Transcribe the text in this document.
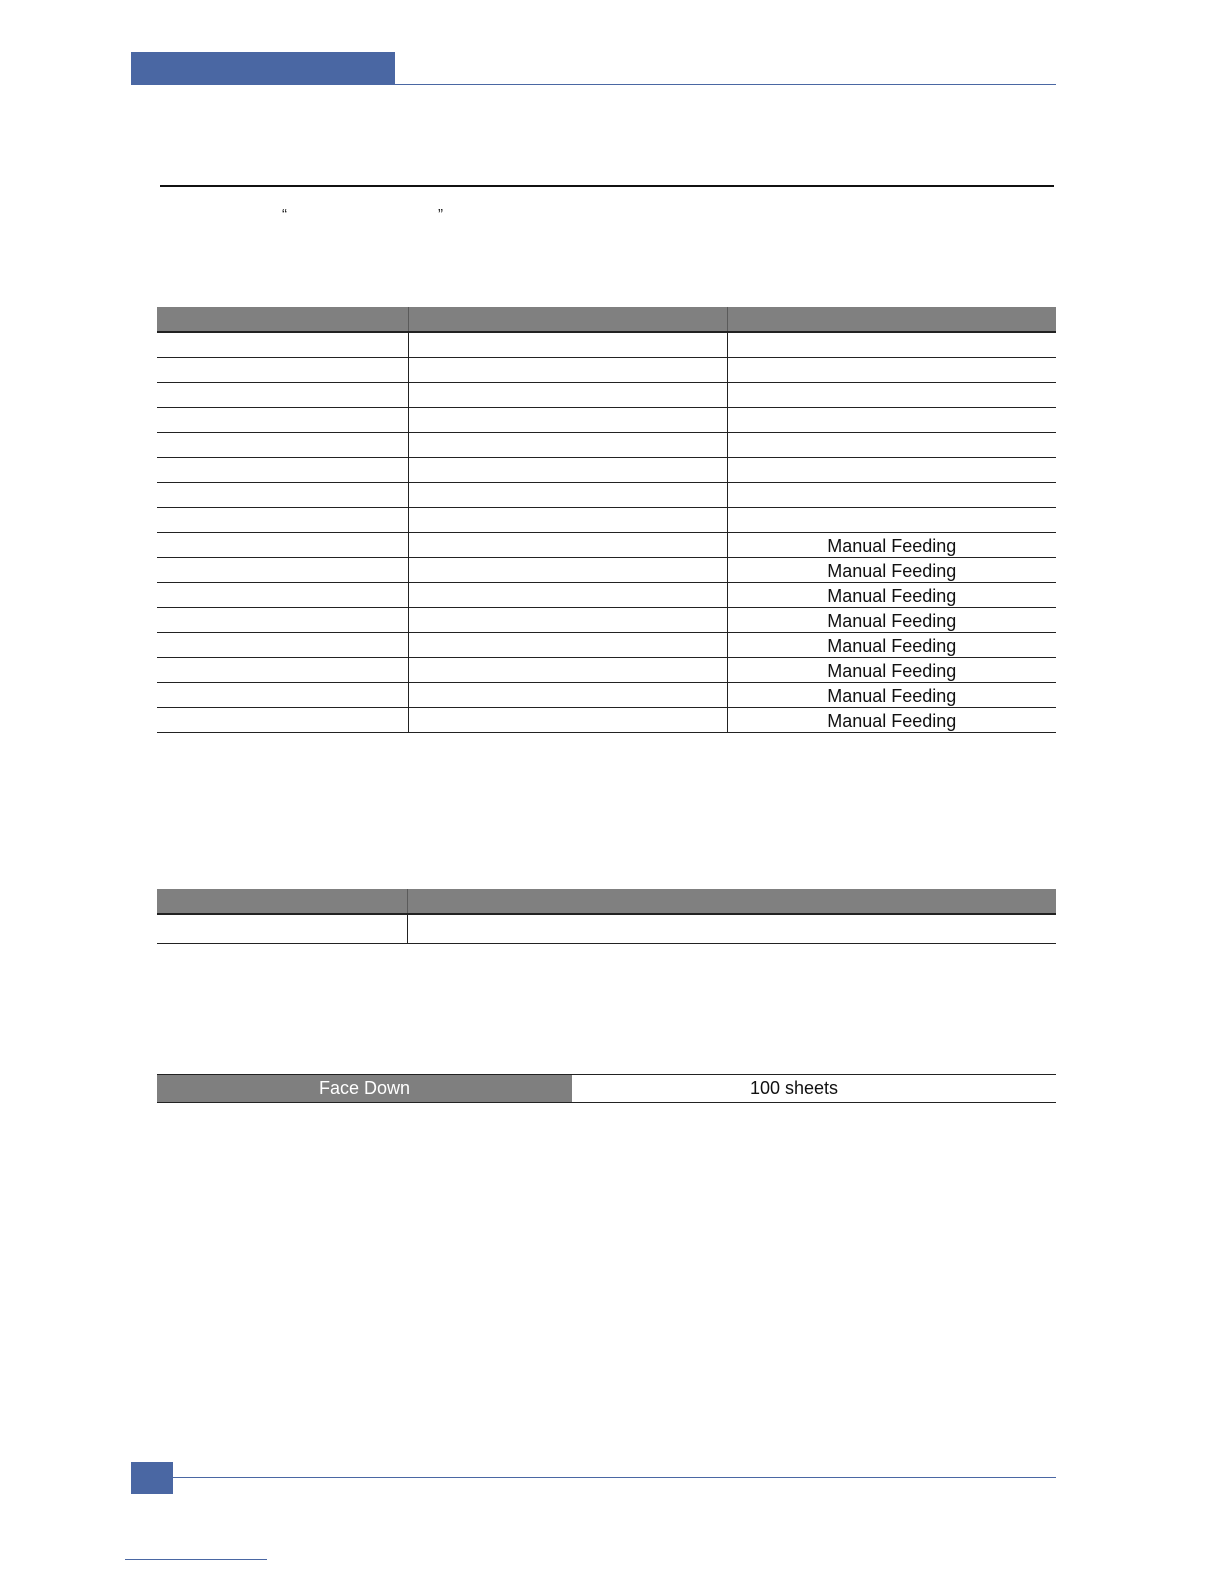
“	”

		Manual Feeding
		Manual Feeding
		Manual Feeding
		Manual Feeding
		Manual Feeding
		Manual Feeding
		Manual Feeding
		Manual Feeding

Face Down	100 sheets
